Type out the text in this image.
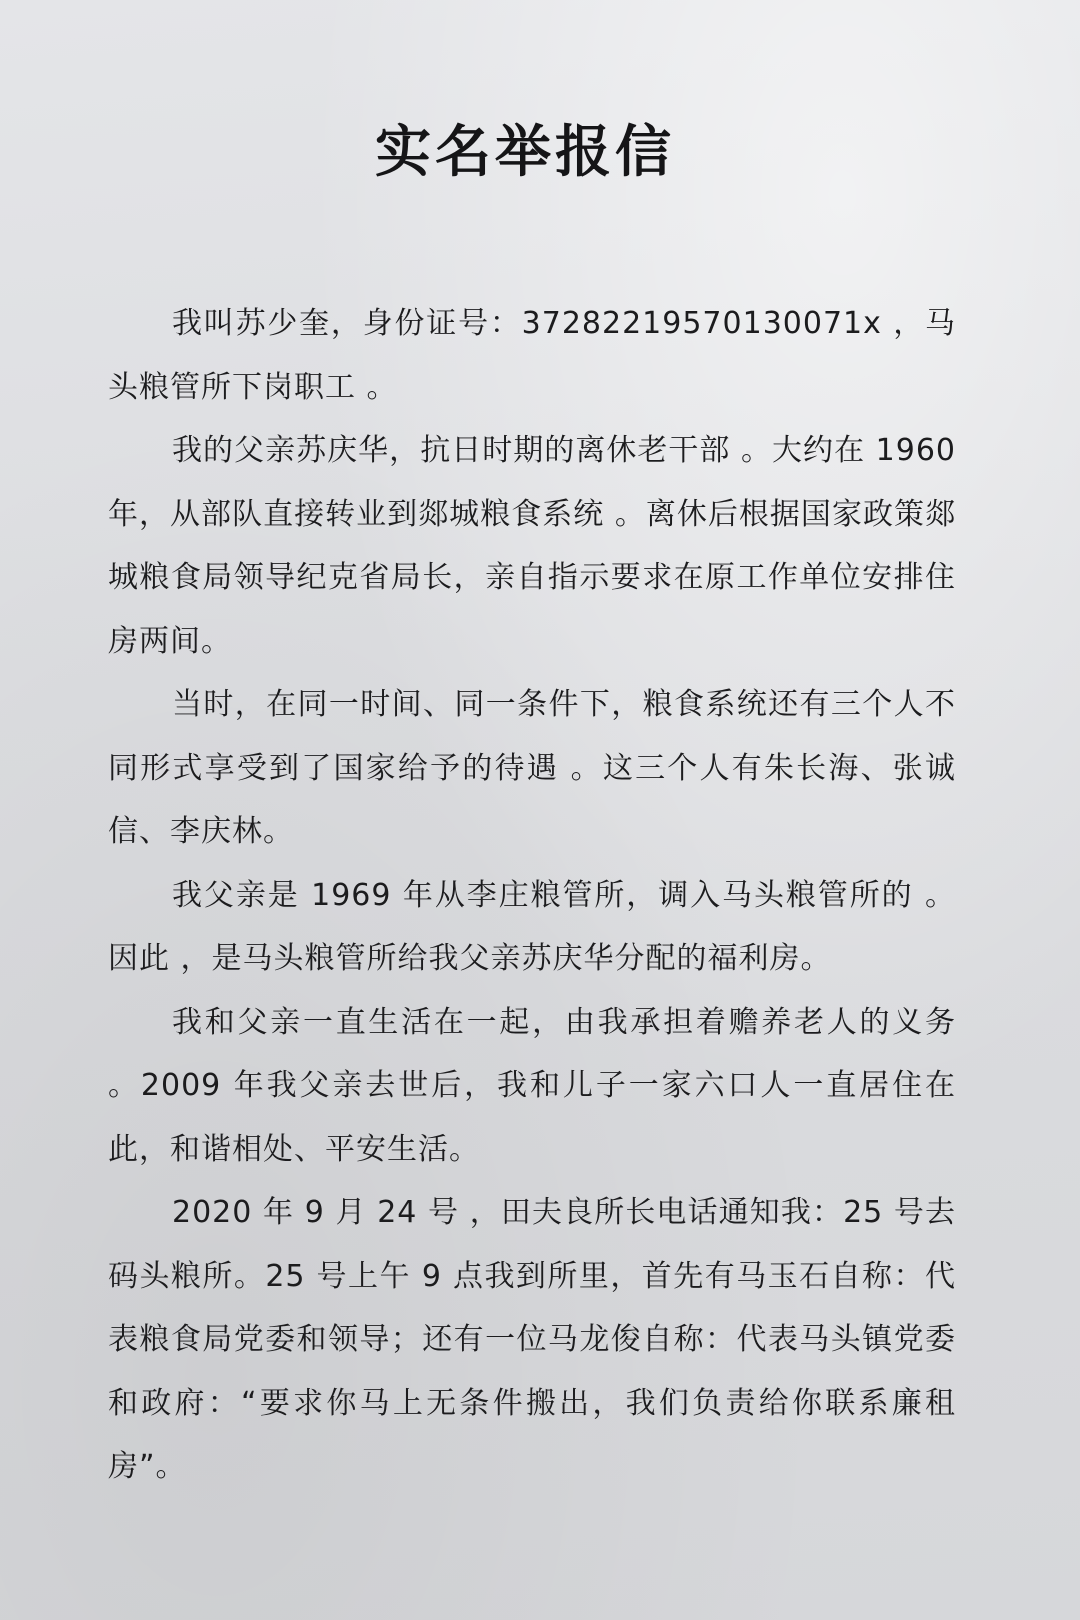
实名举报信

我叫苏少奎，身份证号：3728221957013007​1x ，马头粮管所下岗职工 。

我的父亲苏庆华，抗日时期的离休老干部 。大约在 1960 年，从部队直接转业到郯城粮食系统 。离休后根据国家政策郯城粮食局领导纪克省局长，亲自指示要求在原工作单位安排住房两间。

当时，在同一时间、同一条件下，粮食系统还有三个人不同形式享受到了国家给予的待遇 。这三个人有朱长海、张诚信、李庆林。

我父亲是 1969 年从李庄粮管所，调入马头粮管所的 。因此 ，是马头粮管所给我父亲苏庆华分配的福利房。

我和父亲一直生活在一起，由我承担着赡养老人的义务 。2009 年我父亲去世后，我和儿子一家六口人一直居住在此，和谐相处、平安生活。

2020 年 9 月 24 号 ，田夫良所长电话通知我：25 号去码头粮所。25 号上午 9 点我到所里，首先有马玉石自称：代表粮食局党委和领导；还有一位马龙俊自称：代表马头镇党委和政府：“要求你马上无条件搬出，我们负责给你联系廉租房”。
